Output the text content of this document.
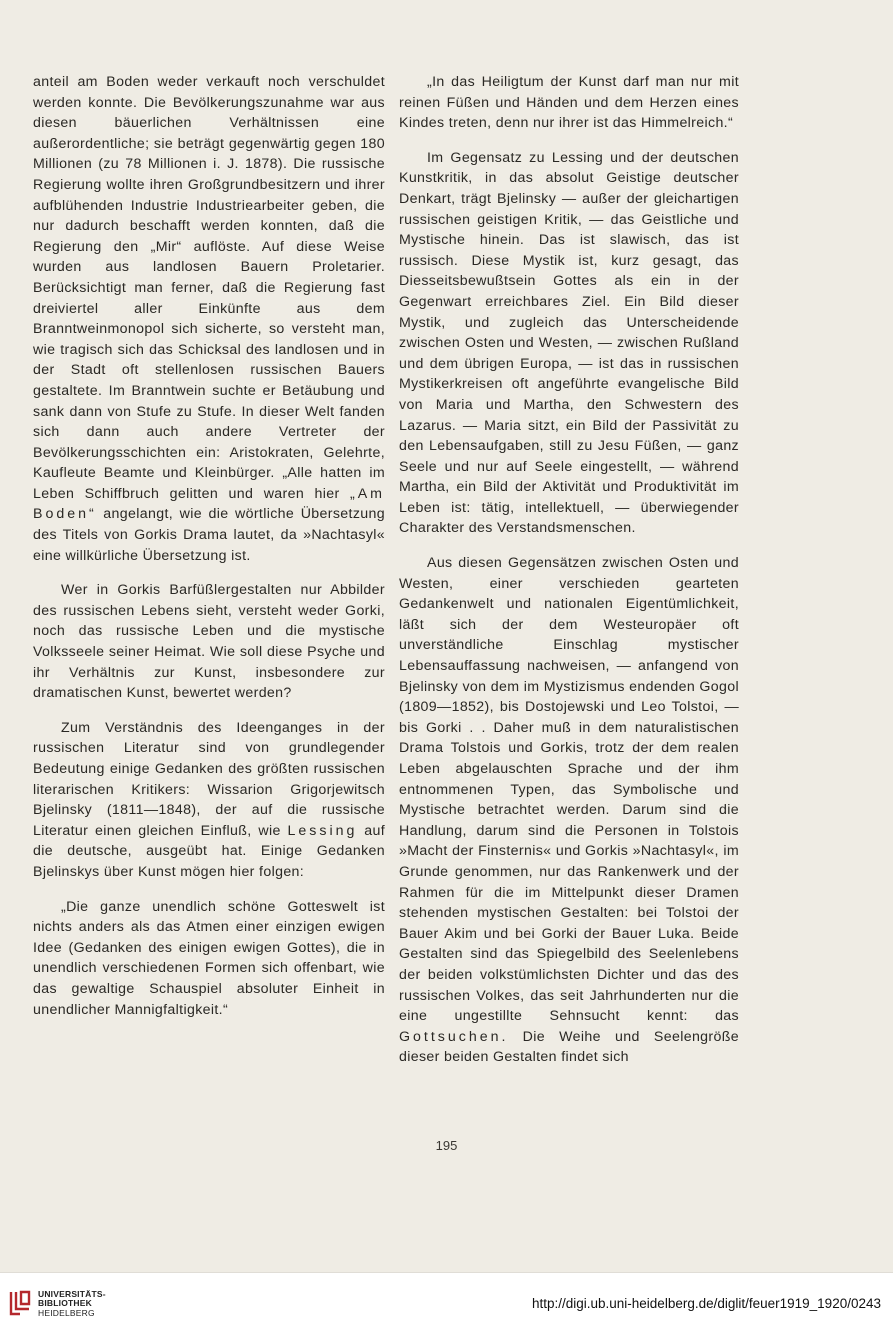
anteil am Boden weder verkauft noch verschuldet werden konnte. Die Bevölkerungszunahme war aus diesen bäuerlichen Verhältnissen eine außerordentliche; sie beträgt gegenwärtig gegen 180 Millionen (zu 78 Millionen i. J. 1878). Die russische Regierung wollte ihren Großgrundbesitzern und ihrer aufblühenden Industrie Industriearbeiter geben, die nur dadurch beschafft werden konnten, daß die Regierung den „Mir“ auflöste. Auf diese Weise wurden aus landlosen Bauern Proletarier. Berücksichtigt man ferner, daß die Regierung fast dreiviertel aller Einkünfte aus dem Branntweinmonopol sich sicherte, so versteht man, wie tragisch sich das Schicksal des landlosen und in der Stadt oft stellenlosen russischen Bauers gestaltete. Im Branntwein suchte er Betäubung und sank dann von Stufe zu Stufe. In dieser Welt fanden sich dann auch andere Vertreter der Bevölkerungsschichten ein: Aristokraten, Gelehrte, Kaufleute Beamte und Kleinbürger. „Alle hatten im Leben Schiffbruch gelitten und waren hier „Am Boden“ angelangt, wie die wörtliche Übersetzung des Titels von Gorkis Drama lautet, da »Nachtasyl« eine willkürliche Übersetzung ist.

Wer in Gorkis Barfüßlergestalten nur Abbilder des russischen Lebens sieht, versteht weder Gorki, noch das russische Leben und die mystische Volksseele seiner Heimat. Wie soll diese Psyche und ihr Verhältnis zur Kunst, insbesondere zur dramatischen Kunst, bewertet werden?

Zum Verständnis des Ideenganges in der russischen Literatur sind von grundlegender Bedeutung einige Gedanken des größten russischen literarischen Kritikers: Wissarion Grigorjewitsch Bjelinsky (1811—1848), der auf die russische Literatur einen gleichen Einfluß, wie Lessing auf die deutsche, ausgeübt hat. Einige Gedanken Bjelinskys über Kunst mögen hier folgen:

„Die ganze unendlich schöne Gotteswelt ist nichts anders als das Atmen einer einzigen ewigen Idee (Gedanken des einigen ewigen Gottes), die in unendlich verschiedenen Formen sich offenbart, wie das gewaltige Schauspiel absoluter Einheit in unendlicher Mannigfaltigkeit.“

„In das Heiligtum der Kunst darf man nur mit reinen Füßen und Händen und dem Herzen eines Kindes treten, denn nur ihrer ist das Himmelreich.“

Im Gegensatz zu Lessing und der deutschen Kunstkritik, in das absolut Geistige deutscher Denkart, trägt Bjelinsky — außer der gleichartigen russischen geistigen Kritik, — das Geistliche und Mystische hinein. Das ist slawisch, das ist russisch. Diese Mystik ist, kurz gesagt, das Diesseitsbewußtsein Gottes als ein in der Gegenwart erreichbares Ziel. Ein Bild dieser Mystik, und zugleich das Unterscheidende zwischen Osten und Westen, — zwischen Rußland und dem übrigen Europa, — ist das in russischen Mystikerkreisen oft angeführte evangelische Bild von Maria und Martha, den Schwestern des Lazarus. — Maria sitzt, ein Bild der Passivität zu den Lebensaufgaben, still zu Jesu Füßen, — ganz Seele und nur auf Seele eingestellt, — während Martha, ein Bild der Aktivität und Produktivität im Leben ist: tätig, intellektuell, — überwiegender Charakter des Verstandsmenschen.

Aus diesen Gegensätzen zwischen Osten und Westen, einer verschieden gearteten Gedankenwelt und nationalen Eigentümlichkeit, läßt sich der dem Westeuropäer oft unverständliche Einschlag mystischer Lebensauffassung nachweisen, — anfangend von Bjelinsky von dem im Mystizismus endenden Gogol (1809—1852), bis Dostojewski und Leo Tolstoi, — bis Gorki . . Daher muß in dem naturalistischen Drama Tolstois und Gorkis, trotz der dem realen Leben abgelauschten Sprache und der ihm entnommenen Typen, das Symbolische und Mystische betrachtet werden. Darum sind die Handlung, darum sind die Personen in Tolstois »Macht der Finsternis« und Gorkis »Nachtasyl«, im Grunde genommen, nur das Rankenwerk und der Rahmen für die im Mittelpunkt dieser Dramen stehenden mystischen Gestalten: bei Tolstoi der Bauer Akim und bei Gorki der Bauer Luka. Beide Gestalten sind das Spiegelbild des Seelenlebens der beiden volkstümlichsten Dichter und das des russischen Volkes, das seit Jahrhunderten nur die eine ungestillte Sehnsucht kennt: das Gottsuchen. Die Weihe und Seelengröße dieser beiden Gestalten findet sich

195
UNIVERSITÄTS-
BIBLIOTHEK
HEIDELBERG
http://digi.ub.uni-heidelberg.de/diglit/feuer1919_1920/0243
